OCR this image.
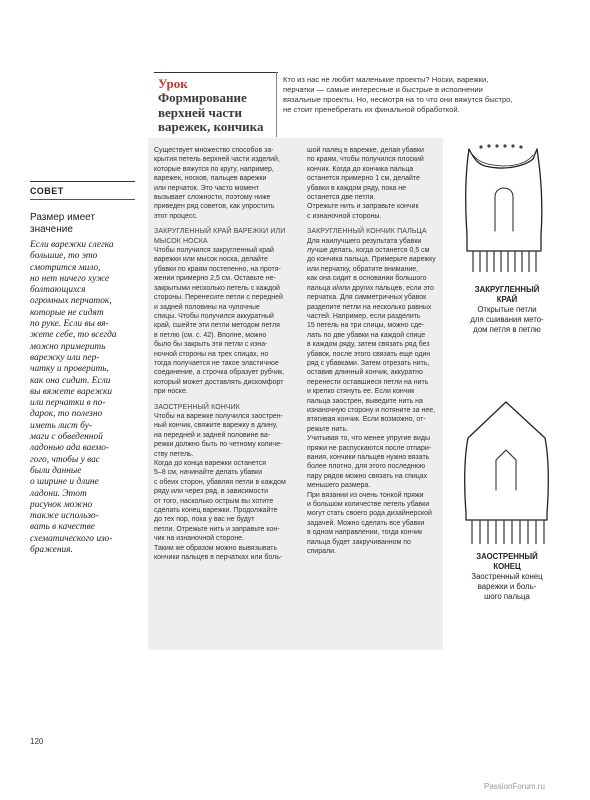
СОВЕТ
Размер имеет
значение
Если варежки слегка
большие, то это
смотрится мило,
но нет ничего хуже
болтающихся
огромных перчаток,
которые не сидят
по руке. Если вы вя-
жете себе, то всегда
можно примерить
варежку или пер-
чатку и проверить,
как она сидит. Если
вы вяжете варежки
или перчатки в по-
дарок, то полезно
иметь лист бу-
маги с обведенной
ладонью ада ваемо-
гого, чтобы у вас
были данные
о ширине и длине
ладони. Этот
рисунок можно
также использо-
вать в качестве
схематического изо-
бражения.
Урок
Формирование
верхней части
варежек, кончика
Кто из нас не любит маленькие проекты? Носки, варежки,
перчатки — самые интересные и быстрые в исполнении
вязальные проекты. Но, несмотря на то что они вяжутся быстро,
не стоит пренебрегать их финальной обработкой.
Существует множество способов за-
крытия петель верхней части изделий,
которые вяжутся по кругу, например,
варежек, носков, пальцев варежки
или перчаток. Это часто момент
вызывает сложности, поэтому ниже
приведен ряд советов, как упростить
этот процесс.
ЗАКРУГЛЕННЫЙ КРАЙ ВАРЕЖКИ ИЛИ
МЫСОК НОСКА
Чтобы получился закругленный край
варежки или мысок носка, делайте
убавки по краям постепенно, на протя-
жении примерно 2,5 см. Оставьте не-
закрытыми несколько петель с каждой
стороны. Перенесите петли с передней
и задней половины на чулочные
спицы. Чтобы получился аккуратный
край, сшейте эти петли методом петля
в петлю (см. с. 42). Вполне, можно
было бы закрыть эти петли с изна-
ночной стороны на трех спицах, но
тогда получается не такое эластичное
соединение, а строчка образует рубчик,
который может доставлять дискомфорт
при носке.
ЗАОСТРЕННЫЙ КОНЧИК
Чтобы на варежке получился заострен-
ный кончик, свяжите варежку в длину,
на передней и задней половине ва-
режки должно быть по четному количе-
ству петель.
Когда до конца варежки останется
5–8 см, начинайте делать убавки
с обеих сторон, убавляя петли в каждом
ряду или через ряд, в зависимости
от того, насколько острым вы хотите
сделать конец варежки. Продолжайте
до тех пор, пока у вас не будут
петли. Отрежьте нить и заправьте кон-
чик на изнаночной стороне.
Таким же образом можно вывязывать
кончики пальцев в перчатках или боль-
шой палец в варежке, делая убавки
по краям, чтобы получился плоский
кончик. Когда до кончика пальца
останется примерно 1 см, делайте
убавки в каждом ряду, пока не
останется две петли.
Отрежьте нить и заправьте кончик
с изнаночной стороны.
ЗАКРУГЛЕННЫЙ КОНЧИК ПАЛЬЦА
Для наилучшего результата убавки
лучше делать, когда останется 0,5 см
до кончика пальца. Примерьте варежку
или перчатку, обратите внимание,
как она сидит в основании большого
пальца и/или других пальцев, если это
перчатка. Для симметричных убавок
разделите петли на несколько равных
частей. Например, если разделить
15 петель на три спицы, можно сде-
лать по две убавки на каждой спице
в каждом ряду, затем связать ряд без
убавок, после этого связать еще один
ряд с убавками. Затем отрезать нить,
оставив длинный кончик, аккуратно
перенести оставшиеся петли на нить
и крепко стянуть ее. Если кончик
пальца заострен, выведите нить на
изнаночную сторону и потяните за нее,
втягивая кончик. Если возможно, от-
режьте нить.
Учитывая то, что менее упругие виды
пряжи не распускаются после отпари-
вания, кончики пальцев нужно вязать
более плотно, для этого последнюю
пару рядов можно связать на спицах
меньшего размера.
При вязании из очень тонкой пряжи
и большом количестве петель убавки
могут стать своего рода дизайнерской
задачей. Можно сделать все убавки
в одном направлении, тогда кончик
пальца будет закручиванном по спирали.
ЗАКРУГЛЕННЫЙ
КРАЙ
Открытые петли
для сшивания мето-
дом петля в петлю
ЗАОСТРЕННЫЙ
КОНЕЦ
Заостренный конец
варежки и боль-
шого пальца
120
PassionForum.ru
